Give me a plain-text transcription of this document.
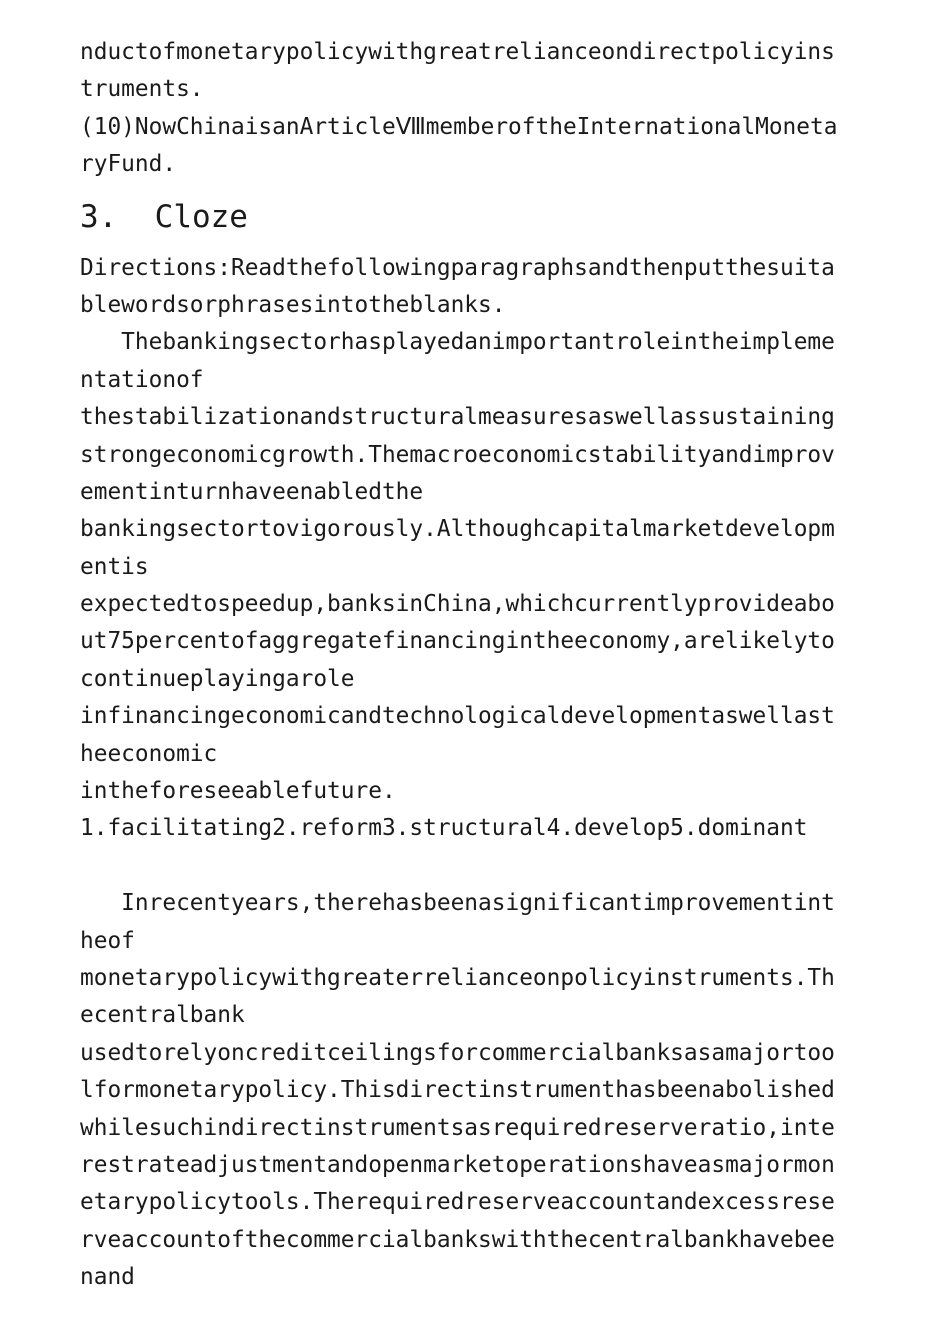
nductofmonetarypolicywithgreatrelianceondirectpolicyins
truments.
(10)NowChinaisanArticleⅧmemberoftheInternationalMoneta
ryFund.
3.  Cloze
Directions:Readthefollowingparagraphsandthenputthesuita
blewordsorphrasesintotheblanks.
Thebankingsectorhasplayedanimportantroleintheimpleme
ntationof
thestabilizationandstructuralmeasuresaswellassustaining
strongeconomicgrowth.Themacroeconomicstabilityandimprov
ementinturnhaveenabledthe
bankingsectortovigorously.Althoughcapitalmarketdevelopm
entis
expectedtospeedup,banksinChina,whichcurrentlyprovideabo
ut75percentofaggregatefinancingintheeconomy,arelikelyto
continueplayingarole
infinancingeconomicandtechnologicaldevelopmentaswellast
heeconomic
intheforeseeablefuture.
1.facilitating2.reform3.structural4.develop5.dominant
Inrecentyears,therehasbeenasignificantimprovementint
heof
monetarypolicywithgreaterrelianceonpolicyinstruments.Th
ecentralbank
usedtorelyoncreditceilingsforcommercialbanksasamajortoo
lformonetarypolicy.Thisdirectinstrumenthasbeenabolished
whilesuchindirectinstrumentsasrequiredreserveratio,inte
restrateadjustmentandopenmarketoperationshaveasmajormon
etarypolicytools.Therequiredreserveaccountandexcessrese
rveaccountofthecommercialbankswiththecentralbankhavebee
nand
